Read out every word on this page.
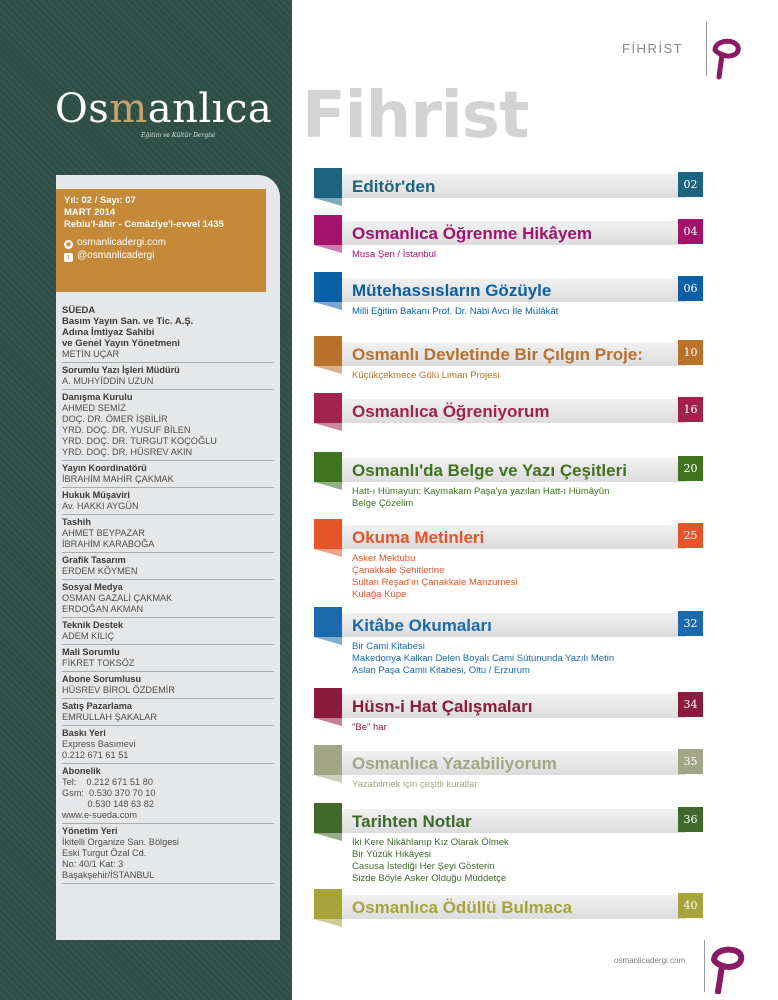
Osmanlıca
Eğitim ve Kültür Dergisi
Yıl: 02 / Sayı: 07
MART 2014
Rebiu'l-âhir - Cemâziye'l-evvel 1435
◉ osmanlicadergi.com
t @osmanlicadergi
SÜEDA
Basım Yayın San. ve Tic. A.Ş.
Adına İmtiyaz Sahibi
ve Genel Yayın Yönetmeni
METİN UÇAR
Sorumlu Yazı İşleri Müdürü
A. MUHYİDDİN UZUN
Danışma Kurulu
AHMED SEMİZ
DOÇ. DR. ÖMER İŞBİLİR
YRD. DOÇ. DR. YUSUF BİLEN
YRD. DOÇ. DR. TURGUT KOÇOĞLU
YRD. DOÇ. DR. HÜSREV AKIN
Yayın Koordinatörü
İBRAHİM MAHİR ÇAKMAK
Hukuk Müşaviri
Av. HAKKI AYGÜN
Tashih
AHMET BEYPAZAR
İBRAHİM KARABOĞA
Grafik Tasarım
ERDEM KÖYMEN
Sosyal Medya
OSMAN GAZALİ ÇAKMAK
ERDOĞAN AKMAN
Teknik Destek
ADEM KILIÇ
Mali Sorumlu
FİKRET TOKSÖZ
Abone Sorumlusu
HÜSREV BİROL ÖZDEMİR
Satış Pazarlama
EMRULLAH ŞAKALAR
Baskı Yeri
Express Basımevi
0.212 671 61 51
Abonelik
Tel:    0.212 671 51 80
Gsm:  0.530 370 70 10
0.530 148 63 82
www.e-sueda.com
Yönetim Yeri
İkitelli Organize San. Bölgesi
Eski Turgut Özal Cd.
No: 40/1 Kat: 3
Başakşehir/İSTANBUL
FİHRİST
Fihrist
Editör'den	02
Osmanlıca Öğrenme Hikâyem	04
Musa Şen / İstanbul
Mütehassısların Gözüyle	06
Milli Eğitim Bakanı Prof. Dr. Nabi Avcı İle Mülâkât
Osmanlı Devletinde Bir Çılgın Proje:	10
Küçükçekmece Gölü Liman Projesi
Osmanlıca Öğreniyorum	16
Osmanlı'da Belge ve Yazı Çeşitleri	20
Hatt-ı Hümayun: Kaymakam Paşa'ya yazılan Hatt-ı Hümâyûn
Belge Çözelim
Okuma Metinleri	25
Asker Mektubu
Çanakkale Şehitlerine
Sultan Reşad'ın Çanakkale Manzumesi
Kulağa Küpe
Kitâbe Okumaları	32
Bir Cami Kitabesi
Makedonya Kalkan Delen Boyalı Cami Sütununda Yazılı Metin
Aslan Paşa Camii Kitabesi, Oltu / Erzurum
Hüsn-i Hat Çalışmaları	34
"Be" har
Osmanlıca Yazabiliyorum	35
Yazabilmek için çeşitli kurallar
Tarihten Notlar	36
İki Kere Nikâhlanıp Kız Olarak Ölmek
Bir Yüzük Hikâyesi
Casusa İstediği Her Şeyi Gösterin
Sizde Böyle Asker Olduğu Müddetçe
Osmanlıca Ödüllü Bulmaca	40
osmanlicadergi.com
